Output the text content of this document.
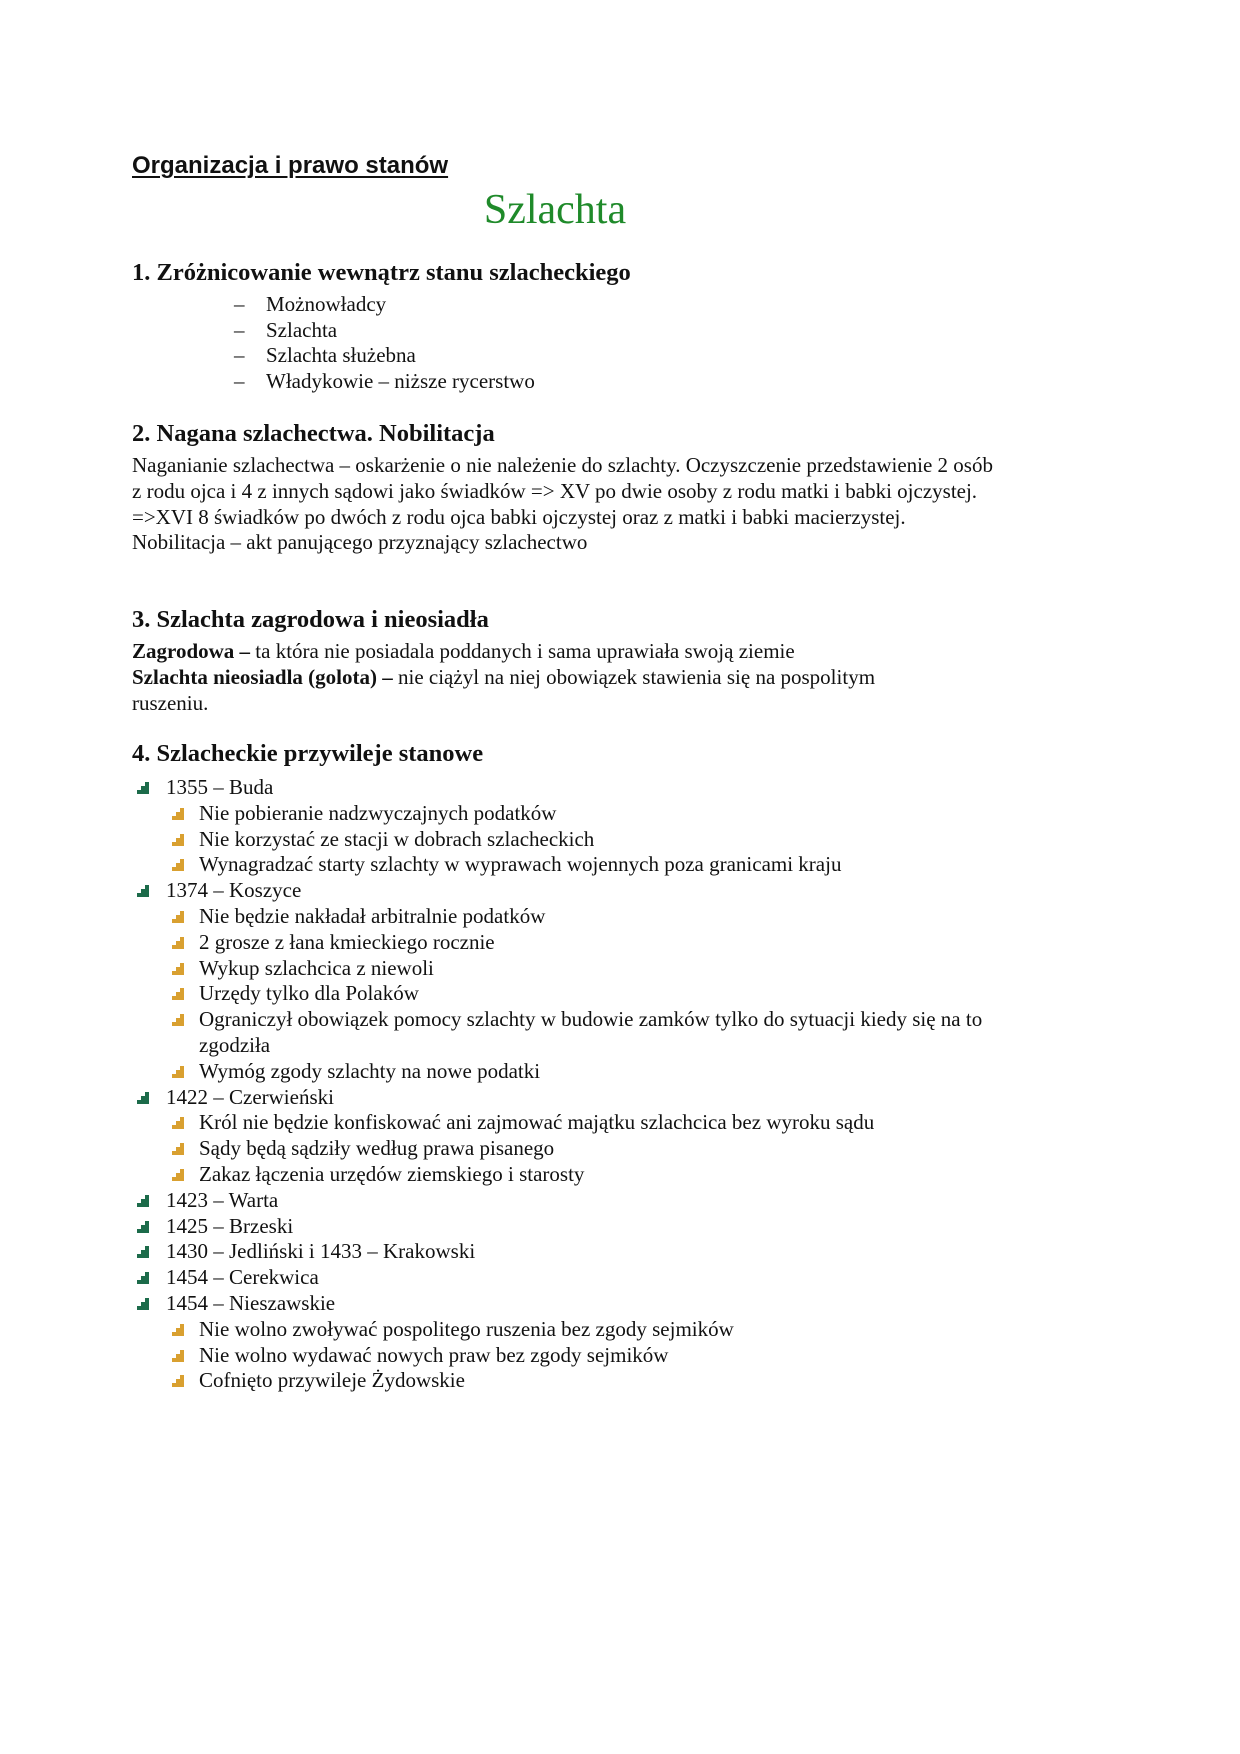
Organizacja i prawo stanów
Szlachta
1. Zróżnicowanie wewnątrz stanu szlacheckiego
– Możnowładcy
– Szlachta
– Szlachta służebna
– Władykowie – niższe rycerstwo
2. Nagana szlachectwa. Nobilitacja

Naganianie szlachectwa – oskarżenie o nie należenie do szlachty. Oczyszczenie przedstawienie 2 osób z rodu ojca i 4 z innych sądowi jako świadków => XV po dwie osoby z rodu matki i babki ojczystej. =>XVI 8 świadków po dwóch z rodu ojca babki ojczystej oraz z matki i babki macierzystej.

Nobilitacja – akt panującego przyznający szlachectwo

3. Szlachta zagrodowa i nieosiadła

Zagrodowa – ta która nie posiadala poddanych i sama uprawiała swoją ziemie

Szlachta nieosiadla (golota) – nie ciążyl na niej obowiązek stawienia się na pospolitym ruszeniu.

4. Szlacheckie przywileje stanowe
1355 – Buda
Nie pobieranie nadzwyczajnych podatków
Nie korzystać ze stacji w dobrach szlacheckich
Wynagradzać starty szlachty w wyprawach wojennych poza granicami kraju
1374 – Koszyce
Nie będzie nakładał arbitralnie podatków
2 grosze z łana kmieckiego rocznie
Wykup szlachcica z niewoli
Urzędy tylko dla Polaków
Ograniczył obowiązek pomocy szlachty w budowie zamków tylko do sytuacji kiedy się na to zgodziła
Wymóg zgody szlachty na nowe podatki
1422 – Czerwieński
Król nie będzie konfiskować ani zajmować majątku szlachcica bez wyroku sądu
Sądy będą sądziły według prawa pisanego
Zakaz łączenia urzędów ziemskiego i starosty
1423 – Warta
1425 – Brzeski
1430 – Jedliński i 1433 – Krakowski
1454 – Cerekwica
1454 – Nieszawskie
Nie wolno zwoływać pospolitego ruszenia bez zgody sejmików
Nie wolno wydawać nowych praw bez zgody sejmików
Cofnięto przywileje Żydowskie
